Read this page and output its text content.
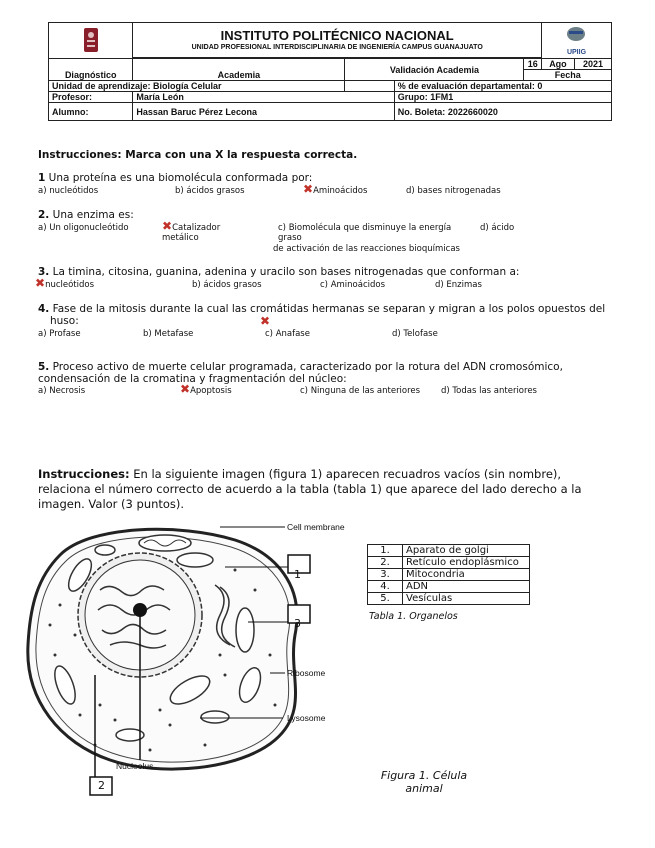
INSTITUTO POLITÉCNICO NACIONAL
UNIDAD PROFESIONAL INTERDISCIPLINARIA DE INGENIERÍA CAMPUS GUANAJUATO				UPIIG	

		Validación Academia		16	Ago	2021
Diagnóstico	Academia			Fecha		
Unidad de aprendizaje: Biología Celular			% de evaluación departamental: 0			
Profesor:	María León		Grupo: 1FM1			
Alumno:	Hassan Baruc Pérez Lecona		No. Boleta: 2022660020			
Instrucciones: Marca con una X la respuesta correcta.
1 Una proteína es una biomolécula conformada por:
a) nucleótidos	b) ácidos grasos	✖Aminoácidos	d) bases nitrogenadas
2. Una enzima es:
a) Un oligonucleótido	✖Catalizador
metálico
c) Biomolécula que disminuye la energía	d) ácido
graso
de activación de las reacciones bioquímicas
3. La timina, citosina, guanina, adenina y uracilo son bases nitrogenadas que conforman a:
✖nucleótidos	b) ácidos grasos	c) Aminoácidos	d) Enzimas
4. Fase de la mitosis durante la cual las cromátidas hermanas se separan y migran a los polos opuestos del
huso:	✖
a) Profase	b) Metafase	c) Anafase	d) Telofase
5. Proceso activo de muerte celular programada, caracterizado por la rotura del ADN cromosómico,
condensación de la cromatina y fragmentación del núcleo:
a) Necrosis	✖Apoptosis	c) Ninguna de las anteriores d) Todas las anteriores
Instrucciones: En la siguiente imagen (figura 1) aparecen recuadros vacíos (sin nombre),
relaciona el número correcto de acuerdo a la tabla (tabla 1) que aparece del lado derecho a la
imagen. Valor (3 puntos).
Cell membrane
Ribosome
Lysosome
Nucleolus
1
3
2
1.	Aparato de golgi
2.	Retículo endoplásmico
3.	Mitocondria
4.	ADN
5.	Vesículas
Tabla 1. Organelos
Figura 1. Célula
animal
